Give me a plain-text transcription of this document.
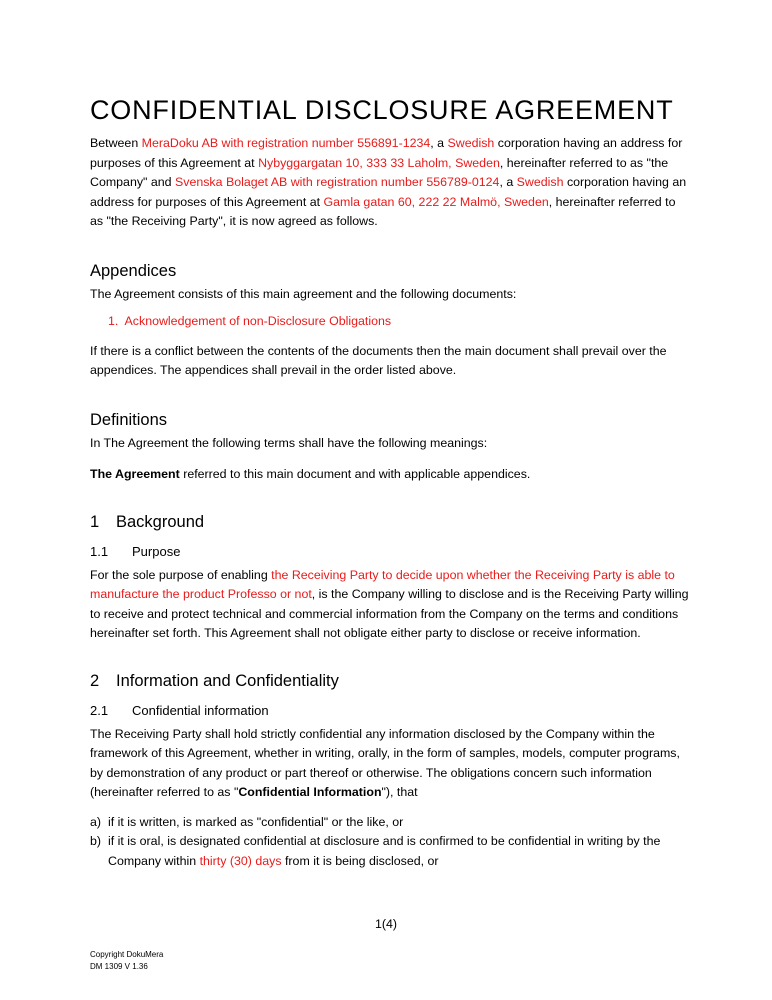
CONFIDENTIAL DISCLOSURE AGREEMENT

Between MeraDoku AB with registration number 556891-1234, a Swedish corporation having an address for purposes of this Agreement at Nybyggargatan 10, 333 33 Laholm, Sweden, hereinafter referred to as "the Company" and Svenska Bolaget AB with registration number 556789-0124, a Swedish corporation having an address for purposes of this Agreement at Gamla gatan 60, 222 22 Malmö, Sweden, hereinafter referred to as "the Receiving Party", it is now agreed as follows.

Appendices

The Agreement consists of this main agreement and the following documents:

1.  Acknowledgement of non-Disclosure Obligations

If there is a conflict between the contents of the documents then the main document shall prevail over the appendices. The appendices shall prevail in the order listed above.

Definitions

In The Agreement the following terms shall have the following meanings:

The Agreement referred to this main document and with applicable appendices.

1 Background
1.1 Purpose

For the sole purpose of enabling the Receiving Party to decide upon whether the Receiving Party is able to manufacture the product Professo or not, is the Company willing to disclose and is the Receiving Party willing to receive and protect technical and commercial information from the Company on the terms and conditions hereinafter set forth. This Agreement shall not obligate either party to disclose or receive information.

2 Information and Confidentiality
2.1 Confidential information

The Receiving Party shall hold strictly confidential any information disclosed by the Company within the framework of this Agreement, whether in writing, orally, in the form of samples, models, computer programs, by demonstration of any product or part thereof or otherwise. The obligations concern such information (hereinafter referred to as "Confidential Information"), that

a) if it is written, is marked as "confidential" or the like, or
b) if it is oral, is designated confidential at disclosure and is confirmed to be confidential in writing by the Company within thirty (30) days from it is being disclosed, or
1(4)
Copyright DokuMera
DM 1309 V 1.36
